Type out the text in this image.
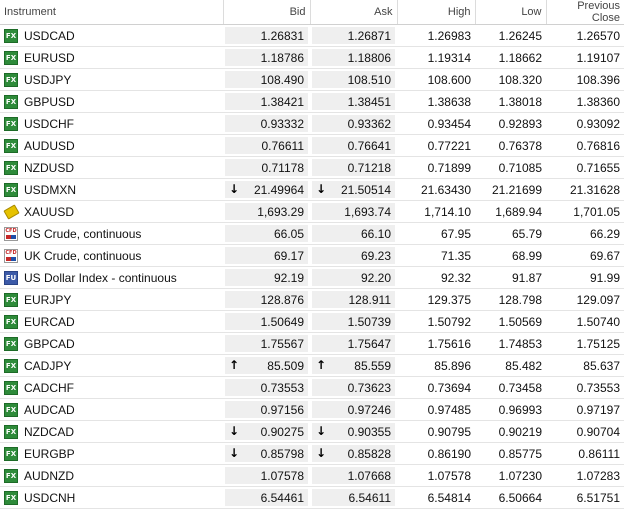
Instrument	Bid	Ask	High	Low	Previous Close

FX USDCAD	1.26831	1.26871	1.26983	1.26245	1.26570

FX EURUSD	1.18786	1.18806	1.19314	1.18662	1.19107

FX USDJPY	108.490	108.510	108.600	108.320	108.396

FX GBPUSD	1.38421	1.38451	1.38638	1.38018	1.38360

FX USDCHF	0.93332	0.93362	0.93454	0.92893	0.93092

FX AUDUSD	0.76611	0.76641	0.77221	0.76378	0.76816

FX NZDUSD	0.71178	0.71218	0.71899	0.71085	0.71655

FX USDMXN	↓ 21.49964	↓ 21.50514	21.63430	21.21699	21.31628

XAUUSD	1,693.29	1,693.74	1,714.10	1,689.94	1,701.05

CFD US Crude, continuous	66.05	66.10	67.95	65.79	66.29

CFD UK Crude, continuous	69.17	69.23	71.35	68.99	69.67

FU US Dollar Index - continuous	92.19	92.20	92.32	91.87	91.99

FX EURJPY	128.876	128.911	129.375	128.798	129.097

FX EURCAD	1.50649	1.50739	1.50792	1.50569	1.50740

FX GBPCAD	1.75567	1.75647	1.75616	1.74853	1.75125

FX CADJPY	↑ 85.509	↑ 85.559	85.896	85.482	85.637

FX CADCHF	0.73553	0.73623	0.73694	0.73458	0.73553

FX AUDCAD	0.97156	0.97246	0.97485	0.96993	0.97197

FX NZDCAD	↓ 0.90275	↓ 0.90355	0.90795	0.90219	0.90704

FX EURGBP	↓ 0.85798	↓ 0.85828	0.86190	0.85775	0.86111

FX AUDNZD	1.07578	1.07668	1.07578	1.07230	1.07283

FX USDCNH	6.54461	6.54611	6.54814	6.50664	6.51751
